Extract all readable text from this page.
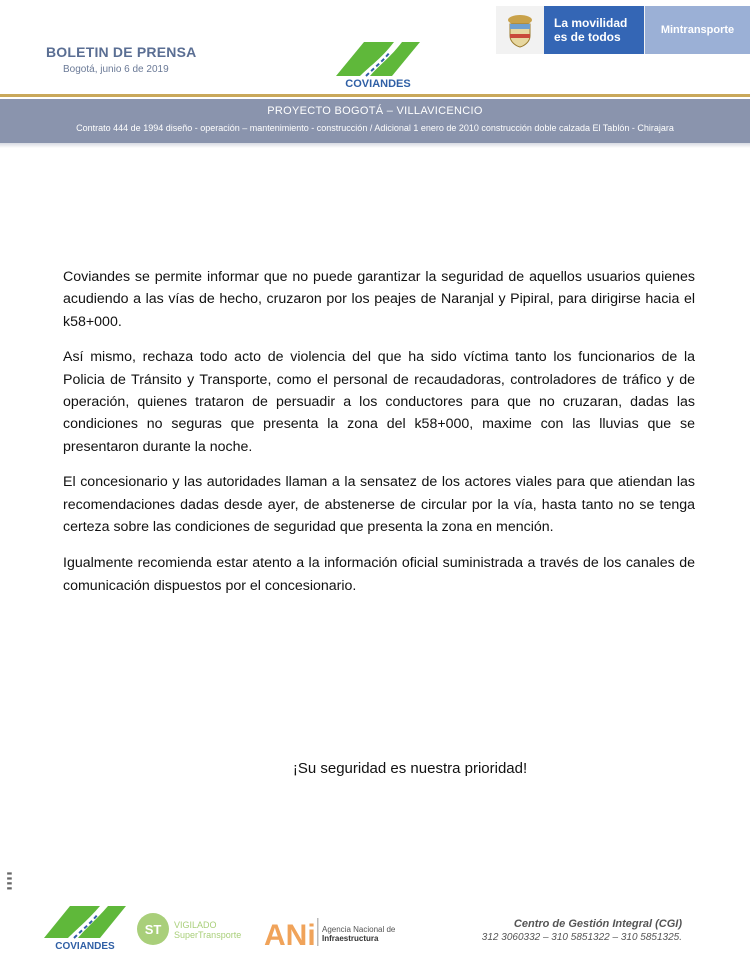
BOLETIN DE PRENSA
Bogotá, junio 6 de 2019
COVIANDES
La movilidad
es de todos	Mintransporte
PROYECTO BOGOTÁ – VILLAVICENCIO
Contrato 444 de 1994 diseño - operación – mantenimiento - construcción / Adicional 1 enero de 2010 construcción doble calzada El Tablón - Chirajara

Coviandes se permite informar que no puede garantizar la seguridad de aquellos usuarios quienes acudiendo a las vías de hecho, cruzaron por los peajes de Naranjal y Pipiral, para dirigirse hacia el k58+000.

Así mismo, rechaza todo acto de violencia del que ha sido víctima tanto los funcionarios de la Policia de Tránsito y Transporte, como el personal de recaudadoras, controladores de tráfico y de operación, quienes trataron de persuadir a los conductores para que no cruzaran, dadas las condiciones no seguras que presenta la zona del k58+000, maxime con las lluvias que se presentaron durante la noche.

El concesionario y las autoridades llaman a la sensatez de los actores viales para que atiendan las recomendaciones dadas desde ayer, de abstenerse de circular por la vía, hasta tanto no se tenga certeza sobre las condiciones de seguridad que presenta la zona en mención.

Igualmente recomienda estar atento a la información oficial suministrada a través de los canales de comunicación dispuestos por el concesionario.

¡Su seguridad es nuestra prioridad!
▮ ▮ ▮ ▮
COVIANDES
ST VIGILADO
SuperTransporte ANi Agencia Nacional de
Infraestructura
Centro de Gestión Integral (CGI)
312 3060332 – 310 5851322 – 310 5851325.
